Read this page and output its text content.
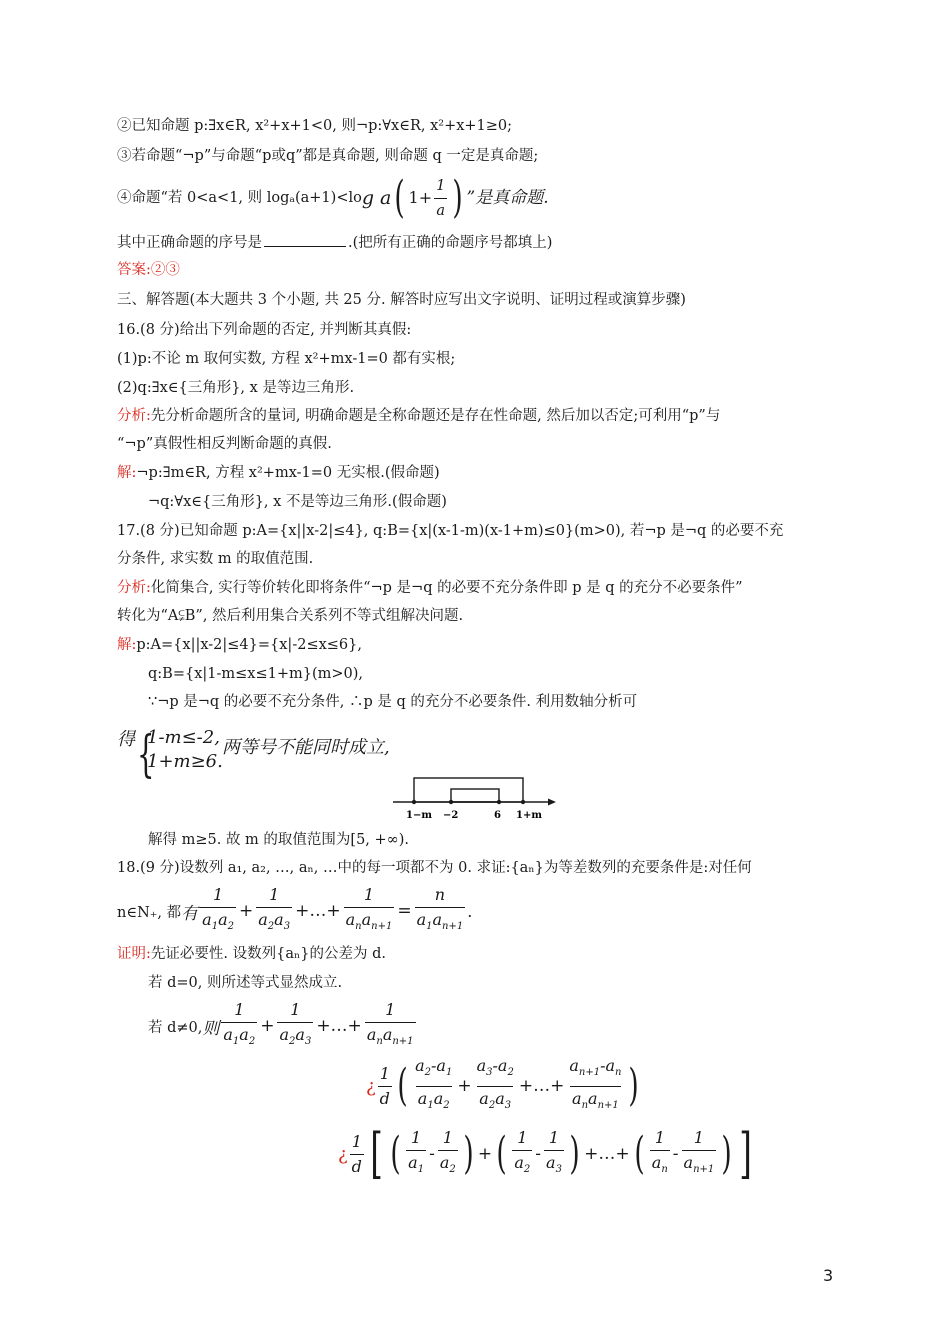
②已知命题 p:∃x∈R, x²+x+1<0, 则¬p:∀x∈R, x²+x+1≥0;
③若命题“¬p”与命题“p或q”都是真命题, 则命题 q 一定是真命题;
④命题“若 0<a<1, 则 logₐ(a+1)<lo g a ( $1+ \frac{1}{a}$ ) ”是真命题.
其中正确命题的序号是	.(把所有正确的命题序号都填上)
答案:②③
三、解答题(本大题共 3 个小题, 共 25 分. 解答时应写出文字说明、证明过程或演算步骤)
16.(8 分)给出下列命题的否定, 并判断其真假:
(1)p:不论 m 取何实数, 方程 x²+mx-1=0 都有实根;
(2)q:∃x∈{三角形}, x 是等边三角形.
分析:先分析命题所含的量词, 明确命题是全称命题还是存在性命题, 然后加以否定;可利用“p”与
“¬p”真假性相反判断命题的真假.
解:¬p:∃m∈R, 方程 x²+mx-1=0 无实根.(假命题)
¬q:∀x∈{三角形}, x 不是等边三角形.(假命题)
17.(8 分)已知命题 p:A={x||x-2|≤4}, q:B={x|(x-1-m)(x-1+m)≤0}(m>0), 若¬p 是¬q 的必要不充
分条件, 求实数 m 的取值范围.
分析:化简集合, 实行等价转化即将条件“¬p 是¬q 的必要不充分条件即 p 是 q 的充分不必要条件”
转化为“A⫋B”, 然后利用集合关系列不等式组解决问题.
解:p:A={x||x-2|≤4}={x|-2≤x≤6},
q:B={x|1-m≤x≤1+m}(m>0),
∵¬p 是¬q 的必要不充分条件, ∴p 是 q 的充分不必要条件. 利用数轴分析可
得 {
1-m≤-2,
1+m≥6.
两等号不能同时成立,
1−m −2	6 1+m
解得 m≥5. 故 m 的取值范围为[5, +∞).
18.(9 分)设数列 a₁, a₂, …, aₙ, …中的每一项都不为 0. 求证:{aₙ}为等差数列的充要条件是:对任何
n∈N₊, 都 有 $\frac{1}{a_1a_2} + \frac{1}{a_2a_3}$ +…+ $\frac{1}{a_na_{n+1}} = \frac{n}{a_1a_{n+1}}$ .
证明:先证必要性. 设数列{aₙ}的公差为 d.
若 d=0, 则所述等式显然成立.
若 d≠0, 则 $\frac{1}{a_1a_2} + \frac{1}{a_2a_3}$ +…+ $\frac{1}{a_na_{n+1}}$
¿ $\frac{1}{d}$ ( $\frac{a_2-a_1}{a_1a_2} + \frac{a_3-a_2}{a_2a_3}$ +…+ $\frac{a_{n+1}-a_n}{a_na_{n+1}}$ )
¿ $\frac{1}{d}$ [ ( $\frac{1}{a_1} - \frac{1}{a_2}$ ) + ( $\frac{1}{a_2} - \frac{1}{a_3}$ ) +…+ ( $\frac{1}{a_n} - \frac{1}{a_{n+1}}$ ) ]
3
